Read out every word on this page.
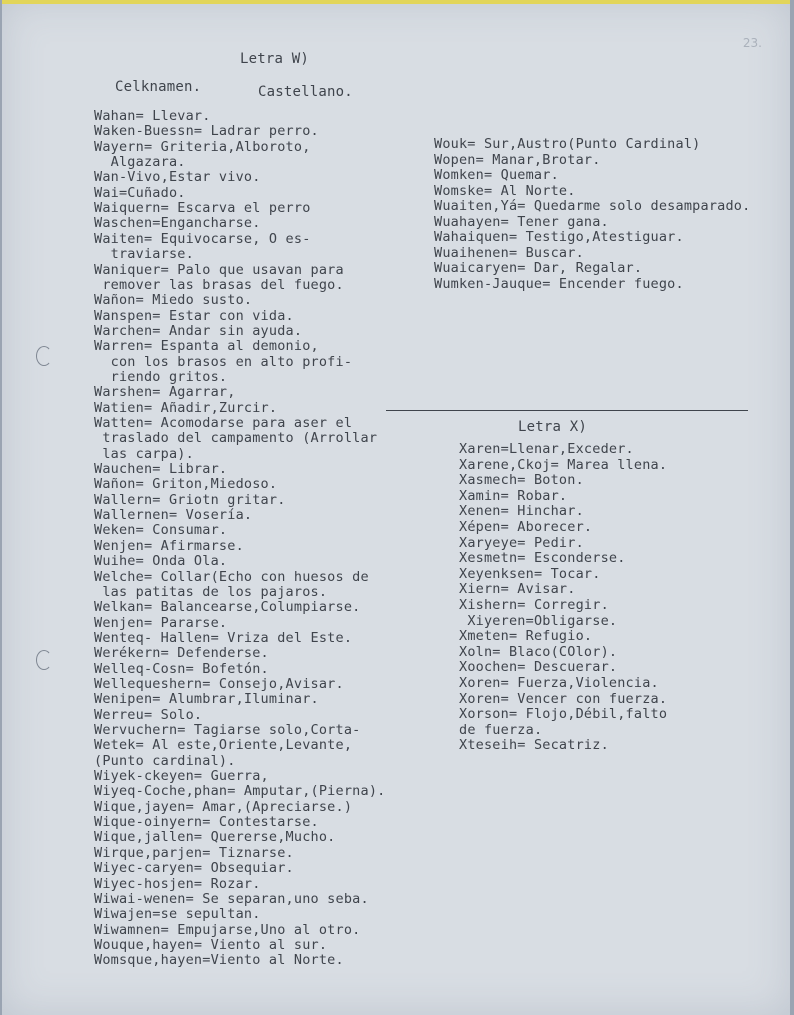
Letra W)
23.
Celknamen.	Castellano.
Wahan= Llevar.
Waken-Buessn= Ladrar perro.
Wayern= Griteria,Alboroto,
Algazara.
Wan-Vivo,Estar vivo.
Wai=Cuñado.
Waiquern= Escarva el perro
Waschen=Engancharse.
Waiten= Equivocarse, O es-
traviarse.
Waniquer= Palo que usavan para
remover las brasas del fuego.
Wañon= Miedo susto.
Wanspen= Estar con vida.
Warchen= Andar sin ayuda.
Warren= Espanta al demonio,
con los brasos en alto profi-
riendo gritos.
Warshen= Agarrar,
Watien= Añadir,Zurcir.
Watten= Acomodarse para aser el
traslado del campamento (Arrollar
las carpa).
Wauchen= Librar.
Wañon= Griton,Miedoso.
Wallern= Griotn gritar.
Wallernen= Vosería.
Weken= Consumar.
Wenjen= Afirmarse.
Wuihe= Onda Ola.
Welche= Collar(Echo con huesos de
las patitas de los pajaros.
Welkan= Balancearse,Columpiarse.
Wenjen= Pararse.
Wenteq- Hallen= Vriza del Este.
Werékern= Defenderse.
Welleq-Cosn= Bofetón.
Wellequeshern= Consejo,Avisar.
Wenipen= Alumbrar,Iluminar.
Werreu= Solo.
Wervuchern= Tagiarse solo,Corta-
Wetek= Al este,Oriente,Levante,
(Punto cardinal).
Wiyek-ckeyen= Guerra,
Wiyeq-Coche,phan= Amputar,(Pierna).
Wique,jayen= Amar,(Apreciarse.)
Wique-oinyern= Contestarse.
Wique,jallen= Quererse,Mucho.
Wirque,parjen= Tiznarse.
Wiyec-caryen= Obsequiar.
Wiyec-hosjen= Rozar.
Wiwai-wenen= Se separan,uno seba.
Wiwajen=se sepultan.
Wiwamnen= Empujarse,Uno al otro.
Wouque,hayen= Viento al sur.
Womsque,hayen=Viento al Norte.
Wouk= Sur,Austro(Punto Cardinal)
Wopen= Manar,Brotar.
Womken= Quemar.
Womske= Al Norte.
Wuaiten,Yá= Quedarme solo desamparado.
Wuahayen= Tener gana.
Wahaiquen= Testigo,Atestiguar.
Wuaihenen= Buscar.
Wuaicaryen= Dar, Regalar.
Wumken-Jauque= Encender fuego.
Letra X)
Xaren=Llenar,Exceder.
Xarene,Ckoj= Marea llena.
Xasmech= Boton.
Xamin= Robar.
Xenen= Hinchar.
Xépen= Aborecer.
Xaryeye= Pedir.
Xesmetn= Esconderse.
Xeyenksen= Tocar.
Xiern= Avisar.
Xishern= Corregir.
Xiyeren=Obligarse.
Xmeten= Refugio.
Xoln= Blaco(COlor).
Xoochen= Descuerar.
Xoren= Fuerza,Violencia.
Xoren= Vencer con fuerza.
Xorson= Flojo,Débil,falto
de fuerza.
Xteseih= Secatriz.
